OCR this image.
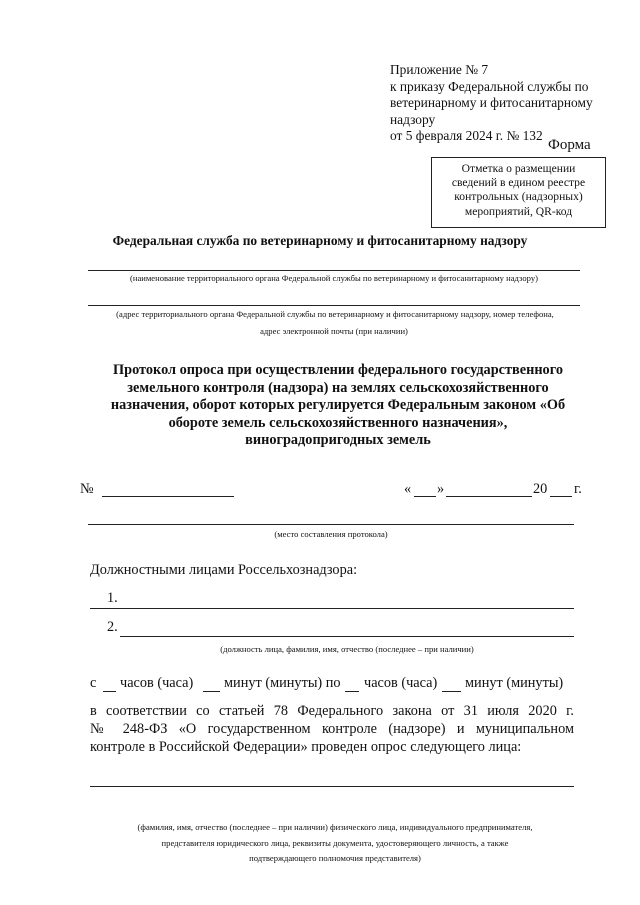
Приложение № 7
к приказу Федеральной службы по
ветеринарному и фитосанитарному
надзору
от 5 февраля 2024 г. № 132
Форма
Отметка о размещении
сведений в едином реестре
контрольных (надзорных)
мероприятий, QR-код
Федеральная служба по ветеринарному и фитосанитарному надзору
(наименование территориального органа Федеральной службы по ветеринарному и фитосанитарному надзору)
(адрес территориального органа Федеральной службы по ветеринарному и фитосанитарному надзору, номер телефона,
адрес электронной почты (при наличии)
Протокол опроса при осуществлении федерального государственного
земельного контроля (надзора) на землях сельскохозяйственного
назначения, оборот которых регулируется Федеральным законом «Об
обороте земель сельскохозяйственного назначения»,
виноградопригодных земель
№	« »	20 г.
(место составления протокола)
Должностными лицами Россельхознадзора:
1.
2.
(должность лица, фамилия, имя, отчество (последнее – при наличии)
с часов (часа) минут (минуты) по часов (часа) минут (минуты)
в соответствии со статьей 78 Федерального закона от 31 июля 2020 г.
№ 248-ФЗ «О государственном контроле (надзоре) и муниципальном
контроле в Российской Федерации» проведен опрос следующего лица:
(фамилия, имя, отчество (последнее – при наличии) физического лица, индивидуального предпринимателя,
представителя юридического лица, реквизиты документа, удостоверяющего личность, а также
подтверждающего полномочия представителя)
